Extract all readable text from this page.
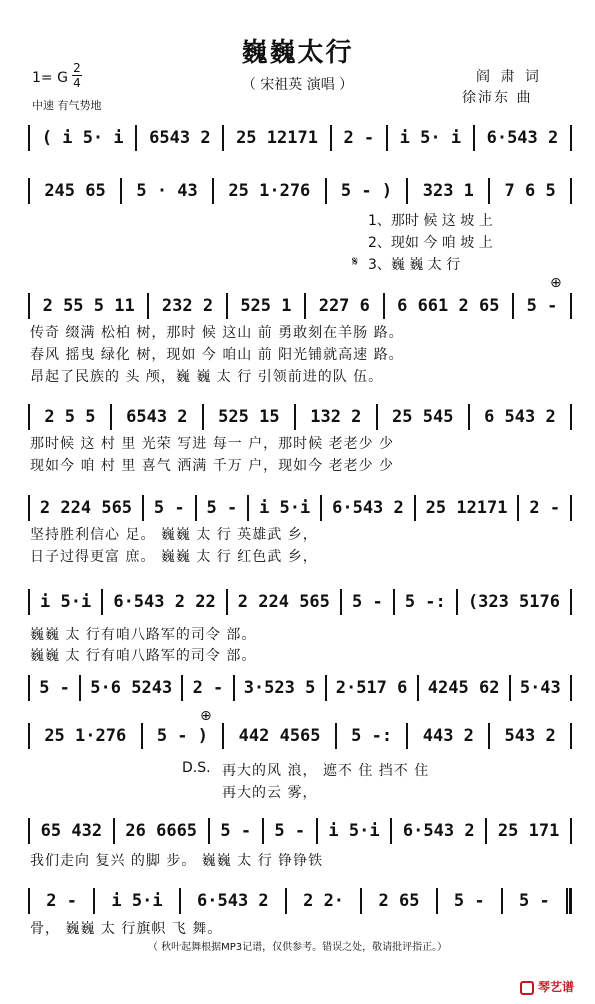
巍巍太行
（ 宋祖英 演唱 ）
1= G
2
4
中速 有气势地
阎 肃 词
徐沛东 曲
( i 5· i	6543 2	25 12171	2 -	i 5· i	6·543 2
245 65	5 · 43	25 1·276	5 - )	323 1	7 6 5
2 55 5 11	232 2	525 1	227 6	6 661 2 65	5 -
2 5 5	6543 2	525 15	132 2	25 545	6 543 2
2 224 565	5 -	5 -	i 5·i	6·543 2	25 12171	2 -
i 5·i	6·543 2 22	2 224 565	5 -	5 -:	(323 5176
5 -	5·6 5243	2 -	3·523 5	2·517 6	4245 62	5·43
25 1·276	5 - )	442 4565	5 -:	443 2	543 2
65 432	26 6665	5 -	5 -	i 5·i	6·543 2	25 171
2 -	i 5·i	6·543 2	2 2·	2 65	5 -	5 -
1、那时 候 这 坡 上
2、现如 今 咱 坡 上
𝄋 3、巍 巍 太 行
⊕
传奇 缀满 松柏 树，那时 候 这山 前 勇敢刻在羊肠 路。
春风 摇曳 绿化 树，现如 今 咱山 前 阳光铺就高速 路。
昂起了民族的 头 颅，巍 巍 太 行 引领前进的队 伍。
那时候 这 村 里 光荣 写进 每一 户，那时候 老老少 少
现如今 咱 村 里 喜气 洒满 千万 户，现如今 老老少 少
坚持胜利信心 足。 巍巍 太 行 英雄武 乡，
日子过得更富 庶。 巍巍 太 行 红色武 乡，
巍巍 太 行有咱八路军的司令 部。
巍巍 太 行有咱八路军的司令 部。
⊕
D.S. 再大的风 浪， 遮不 住 挡不 住
再大的云 雾，
我们走向 复兴 的脚 步。 巍巍 太 行 铮铮铁
骨， 巍巍 太 行旗帜 飞 舞。
（ 秋叶起舞根据MP3记谱，仅供参考。错误之处，敬请批评指正。）
琴艺谱
